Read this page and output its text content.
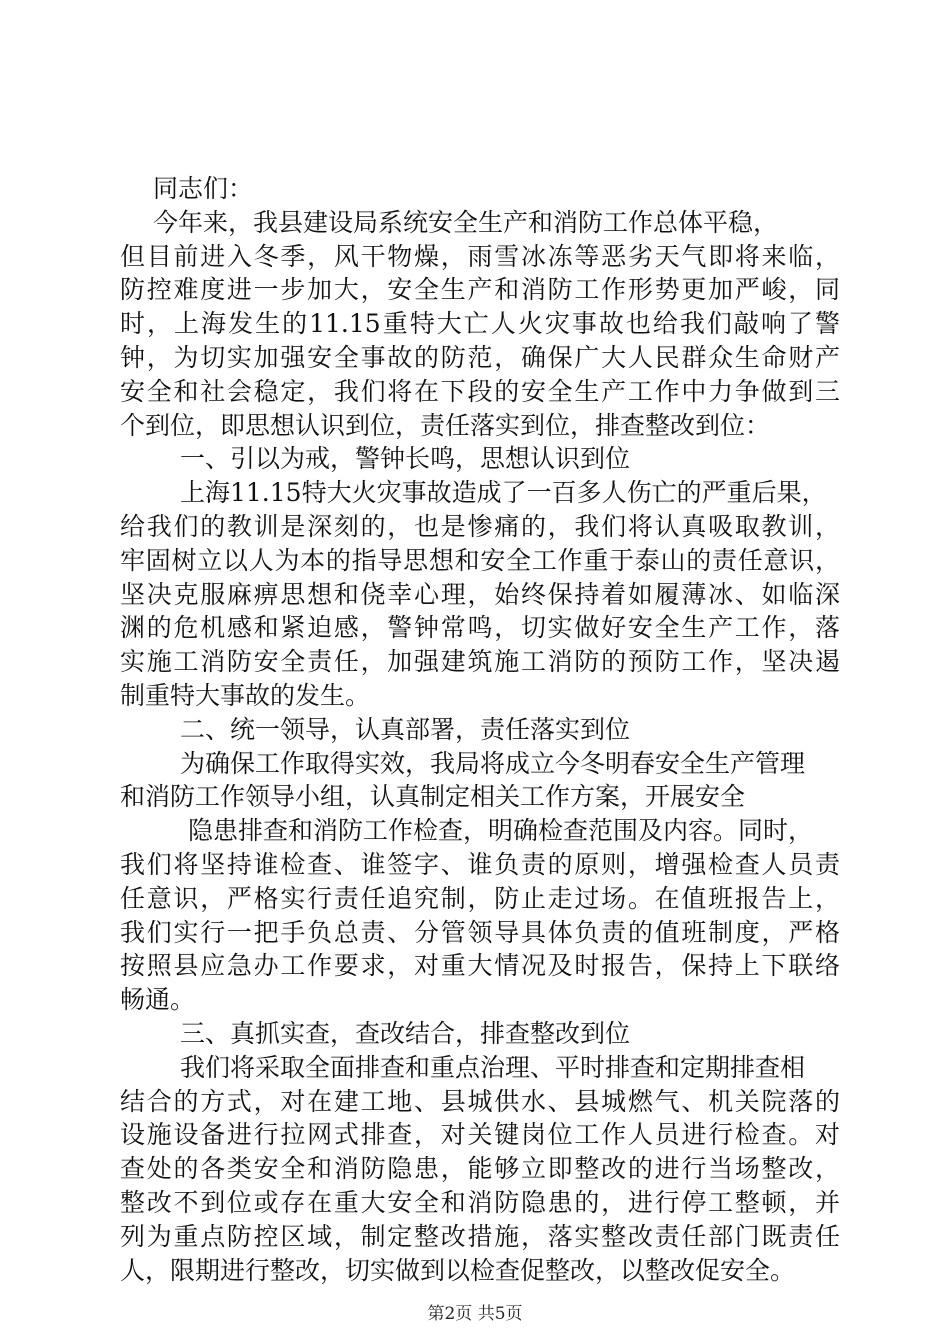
同志们：
今年来，我县建设局系统安全生产和消防工作总体平稳，
但目前进入冬季，风干物燥，雨雪冰冻等恶劣天气即将来临，
防控难度进一步加大，安全生产和消防工作形势更加严峻，同
时，上海发生的11.15重特大亡人火灾事故也给我们敲响了警
钟，为切实加强安全事故的防范，确保广大人民群众生命财产
安全和社会稳定，我们将在下段的安全生产工作中力争做到三
个到位，即思想认识到位，责任落实到位，排查整改到位：
一、引以为戒，警钟长鸣，思想认识到位
上海11.15特大火灾事故造成了一百多人伤亡的严重后果，
给我们的教训是深刻的，也是惨痛的，我们将认真吸取教训，
牢固树立以人为本的指导思想和安全工作重于泰山的责任意识，
坚决克服麻痹思想和侥幸心理，始终保持着如履薄冰、如临深
渊的危机感和紧迫感，警钟常鸣，切实做好安全生产工作，落
实施工消防安全责任，加强建筑施工消防的预防工作，坚决遏
制重特大事故的发生。
二、统一领导，认真部署，责任落实到位
为确保工作取得实效，我局将成立今冬明春安全生产管理
和消防工作领导小组，认真制定相关工作方案，开展安全
隐患排查和消防工作检查，明确检查范围及内容。同时，
我们将坚持谁检查、谁签字、谁负责的原则，增强检查人员责
任意识，严格实行责任追究制，防止走过场。在值班报告上，
我们实行一把手负总责、分管领导具体负责的值班制度，严格
按照县应急办工作要求，对重大情况及时报告，保持上下联络
畅通。
三、真抓实查，查改结合，排查整改到位
我们将采取全面排查和重点治理、平时排查和定期排查相
结合的方式，对在建工地、县城供水、县城燃气、机关院落的
设施设备进行拉网式排查，对关键岗位工作人员进行检查。对
查处的各类安全和消防隐患，能够立即整改的进行当场整改，
整改不到位或存在重大安全和消防隐患的，进行停工整顿，并
列为重点防控区域，制定整改措施，落实整改责任部门既责任
人，限期进行整改，切实做到以检查促整改，以整改促安全。
第2页 共5页
